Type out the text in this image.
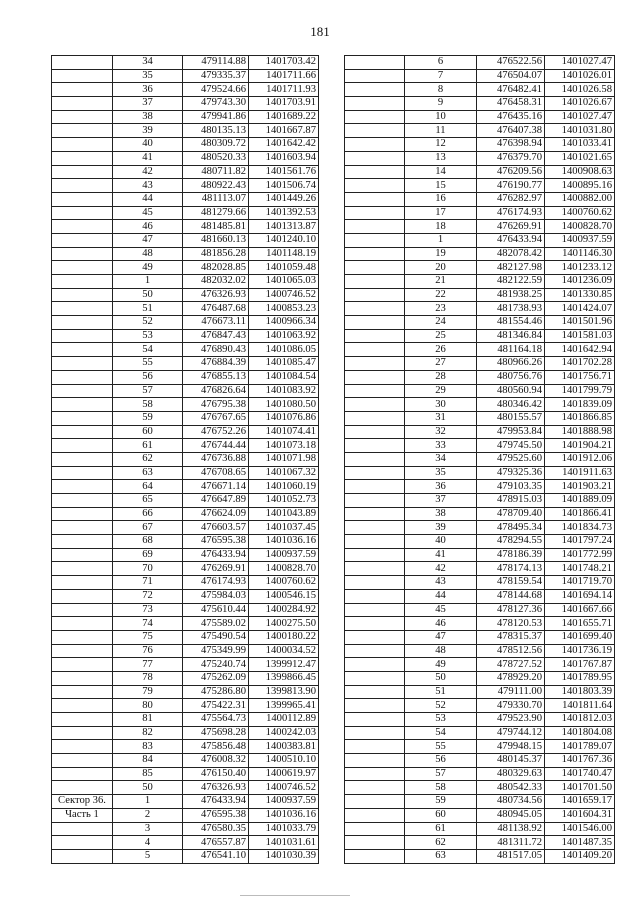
181
	34	479114.88	1401703.42
	35	479335.37	1401711.66
	36	479524.66	1401711.93
	37	479743.30	1401703.91
	38	479941.86	1401689.22
	39	480135.13	1401667.87
	40	480309.72	1401642.42
	41	480520.33	1401603.94
	42	480711.82	1401561.76
	43	480922.43	1401506.74
	44	481113.07	1401449.26
	45	481279.66	1401392.53
	46	481485.81	1401313.87
	47	481660.13	1401240.10
	48	481856.28	1401148.19
	49	482028.85	1401059.48
	1	482032.02	1401065.03
	50	476326.93	1400746.52
	51	476487.68	1400853.23
	52	476673.11	1400966.34
	53	476847.43	1401063.92
	54	476890.43	1401086.05
	55	476884.39	1401085.47
	56	476855.13	1401084.54
	57	476826.64	1401083.92
	58	476795.38	1401080.50
	59	476767.65	1401076.86
	60	476752.26	1401074.41
	61	476744.44	1401073.18
	62	476736.88	1401071.98
	63	476708.65	1401067.32
	64	476671.14	1401060.19
	65	476647.89	1401052.73
	66	476624.09	1401043.89
	67	476603.57	1401037.45
	68	476595.38	1401036.16
	69	476433.94	1400937.59
	70	476269.91	1400828.70
	71	476174.93	1400760.62
	72	475984.03	1400546.15
	73	475610.44	1400284.92
	74	475589.02	1400275.50
	75	475490.54	1400180.22
	76	475349.99	1400034.52
	77	475240.74	1399912.47
	78	475262.09	1399866.45
	79	475286.80	1399813.90
	80	475422.31	1399965.41
	81	475564.73	1400112.89
	82	475698.28	1400242.03
	83	475856.48	1400383.81
	84	476008.32	1400510.10
	85	476150.40	1400619.97
	50	476326.93	1400746.52
Сектор 36.	1	476433.94	1400937.59
Часть 1	2	476595.38	1401036.16
	3	476580.35	1401033.79
	4	476557.87	1401031.61
	5	476541.10	1401030.39
	6	476522.56	1401027.47
	7	476504.07	1401026.01
	8	476482.41	1401026.58
	9	476458.31	1401026.67
	10	476435.16	1401027.47
	11	476407.38	1401031.80
	12	476398.94	1401033.41
	13	476379.70	1401021.65
	14	476209.56	1400908.63
	15	476190.77	1400895.16
	16	476282.97	1400882.00
	17	476174.93	1400760.62
	18	476269.91	1400828.70
	1	476433.94	1400937.59
	19	482078.42	1401146.30
	20	482127.98	1401233.12
	21	482122.59	1401236.09
	22	481938.25	1401330.85
	23	481738.93	1401424.07
	24	481554.46	1401501.96
	25	481346.84	1401581.03
	26	481164.18	1401642.94
	27	480966.26	1401702.28
	28	480756.76	1401756.71
	29	480560.94	1401799.79
	30	480346.42	1401839.09
	31	480155.57	1401866.85
	32	479953.84	1401888.98
	33	479745.50	1401904.21
	34	479525.60	1401912.06
	35	479325.36	1401911.63
	36	479103.35	1401903.21
	37	478915.03	1401889.09
	38	478709.40	1401866.41
	39	478495.34	1401834.73
	40	478294.55	1401797.24
	41	478186.39	1401772.99
	42	478174.13	1401748.21
	43	478159.54	1401719.70
	44	478144.68	1401694.14
	45	478127.36	1401667.66
	46	478120.53	1401655.71
	47	478315.37	1401699.40
	48	478512.56	1401736.19
	49	478727.52	1401767.87
	50	478929.20	1401789.95
	51	479111.00	1401803.39
	52	479330.70	1401811.64
	53	479523.90	1401812.03
	54	479744.12	1401804.08
	55	479948.15	1401789.07
	56	480145.37	1401767.36
	57	480329.63	1401740.47
	58	480542.33	1401701.50
	59	480734.56	1401659.17
	60	480945.05	1401604.31
	61	481138.92	1401546.00
	62	481311.72	1401487.35
	63	481517.05	1401409.20
